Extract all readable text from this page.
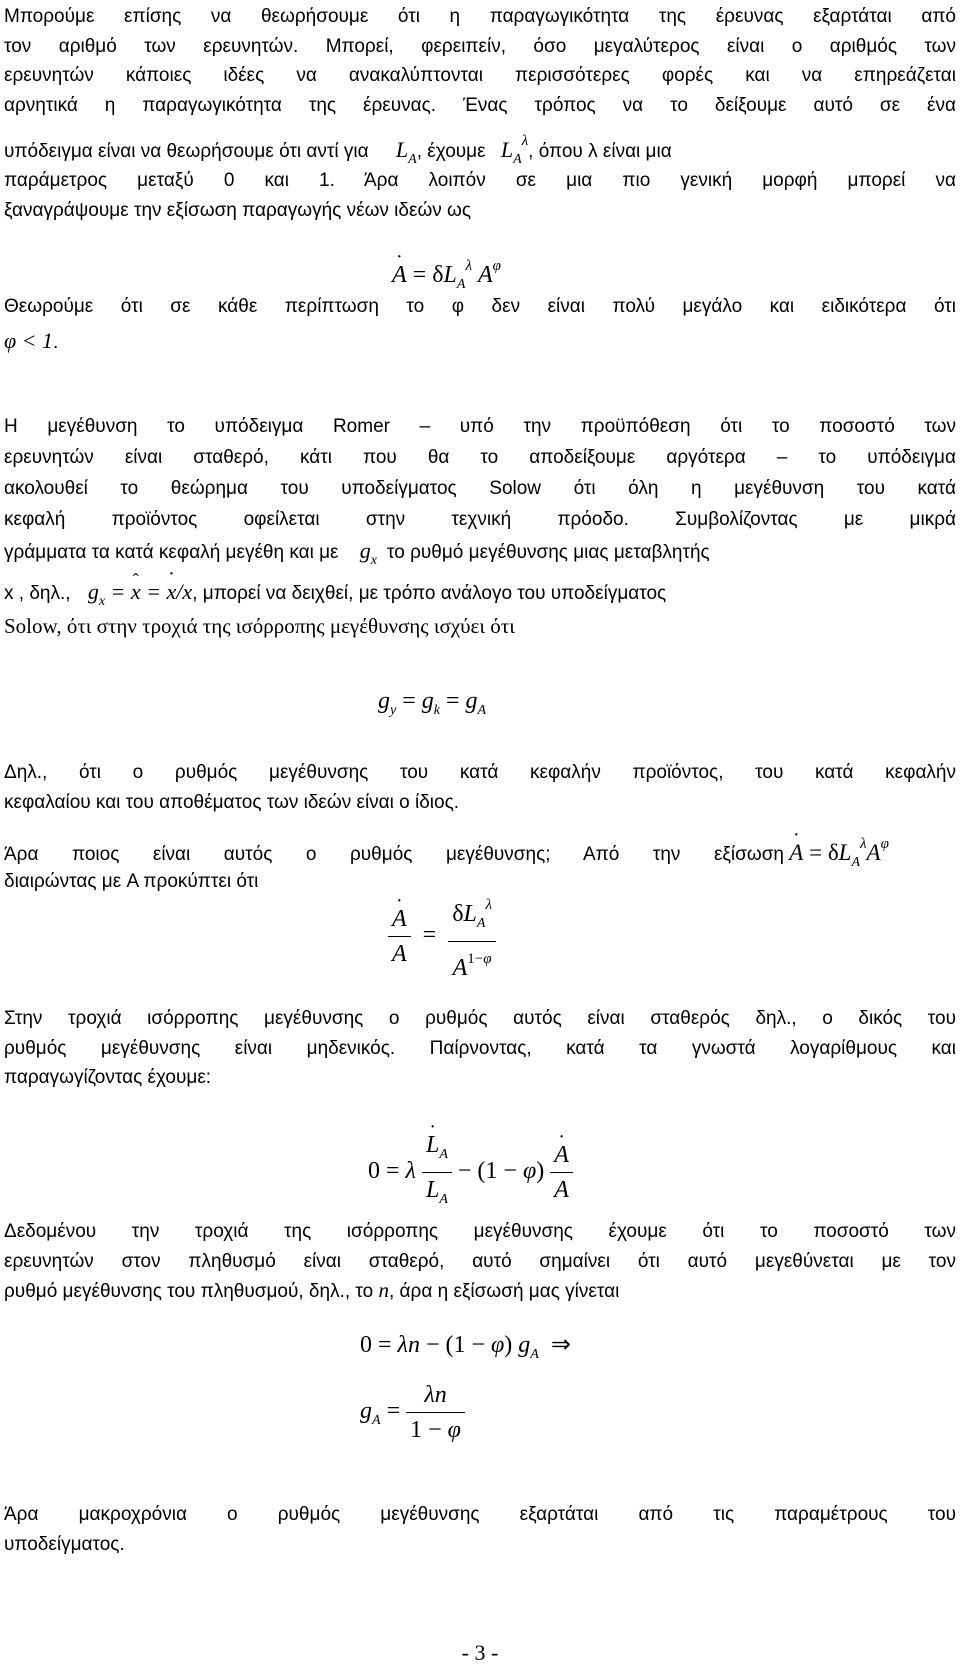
Μπορούμε επίσης να θεωρήσουμε ότι η παραγωγικότητα της έρευνας εξαρτάται από
τον αριθμό των ερευνητών. Μπορεί, φερειπείν, όσο μεγαλύτερος είναι ο αριθμός των
ερευνητών κάποιες ιδέες να ανακαλύπτονται περισσότερες φορές και να επηρεάζεται
αρνητικά η παραγωγικότητα της έρευνας. Ένας τρόπος να το δείξουμε αυτό σε ένα
υπόδειγμα είναι να θεωρήσουμε ότι αντί για $L_A$, έχουμε $L_A^\lambda$, όπου λ είναι μια
παράμετρος μεταξύ 0 και 1. Άρα λοιπόν σε μια πιο γενική μορφή μπορεί να
ξαναγράψουμε την εξίσωση παραγωγής νέων ιδεών ως
A ˙ = $\delta L_A^\lambda$ $A^\varphi$
Θεωρούμε ότι σε κάθε περίπτωση το φ δεν είναι πολύ μεγάλο και ειδικότερα ότι
φ < 1.
Η μεγέθυνση το υπόδειγμα Romer – υπό την προϋπόθεση ότι το ποσοστό των
ερευνητών είναι σταθερό, κάτι που θα το αποδείξουμε αργότερα – το υπόδειγμα
ακολουθεί το θεώρημα του υποδείγματος Solow ότι όλη η μεγέθυνση του κατά
κεφαλή προϊόντος οφείλεται στην τεχνική πρόοδο. Συμβολίζοντας με μικρά
γράμματα τα κατά κεφαλή μεγέθη και με $g_x$ το ρυθμό μεγέθυνσης μιας μεταβλητής
x , δηλ., $g_x = x$ ˆ = x ˙/x, μπορεί να δειχθεί, με τρόπο ανάλογο του υποδείγματος
Solow, ότι στην τροχιά της ισόρροπης μεγέθυνσης ισχύει ότι
$g_y = g_k = g_A$
Δηλ., ότι ο ρυθμός μεγέθυνσης του κατά κεφαλήν προϊόντος, του κατά κεφαλήν
κεφαλαίου και του αποθέματος των ιδεών είναι ο ίδιος.
Άρα ποιος είναι αυτός ο ρυθμός μεγέθυνσης; Από την εξίσωση A ˙ = $\delta L_A^\lambda A^\varphi$
διαιρώντας με A προκύπτει ότι
$\frac{A ˙}{A} = \frac{\delta L_A^\lambda}{A^{1-\varphi}}$
Στην τροχιά ισόρροπης μεγέθυνσης ο ρυθμός αυτός είναι σταθερός δηλ., ο δικός του
ρυθμός μεγέθυνσης είναι μηδενικός. Παίρνοντας, κατά τα γνωστά λογαρίθμους και
παραγωγίζοντας έχουμε:
0 = λ $\frac{L ˙_A}{L_A} - (1 - \varphi) \frac{A ˙}{A}$
Δεδομένου την τροχιά της ισόρροπης μεγέθυνσης έχουμε ότι το ποσοστό των
ερευνητών στον πληθυσμό είναι σταθερό, αυτό σημαίνει ότι αυτό μεγεθύνεται με τον
ρυθμό μεγέθυνσης του πληθυσμού, δηλ., το n, άρα η εξίσωσή μας γίνεται
0 = λn − (1 − φ) $g_A$  ⇒
$g_A = \frac{\lambda n}{1 - \varphi}$
Άρα μακροχρόνια ο ρυθμός μεγέθυνσης εξαρτάται από τις παραμέτρους του
υποδείγματος.
- 3 -
